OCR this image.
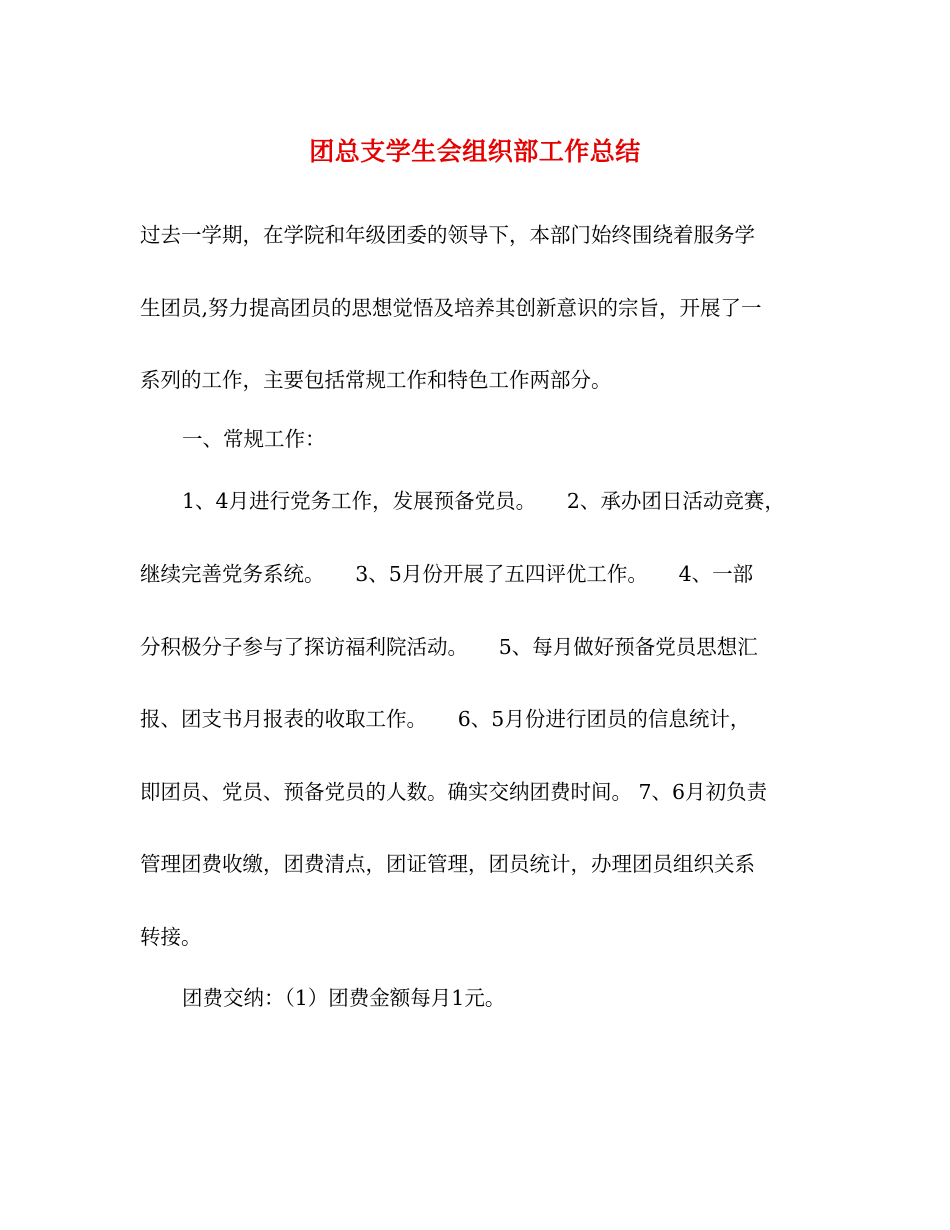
团总支学生会组织部工作总结
过去一学期，在学院和年级团委的领导下，本部门始终围绕着服务学
生团员,努力提高团员的思想觉悟及培养其创新意识的宗旨，开展了一
系列的工作，主要包括常规工作和特色工作两部分。
一、常规工作：
1、4月进行党务工作，发展预备党员。　　2、承办团日活动竞赛，
继续完善党务系统。　　3、5月份开展了五四评优工作。　　4、一部
分积极分子参与了探访福利院活动。　　5、每月做好预备党员思想汇
报、团支书月报表的收取工作。　　6、5月份进行团员的信息统计，
即团员、党员、预备党员的人数。确实交纳团费时间。 7、6月初负责
管理团费收缴，团费清点，团证管理，团员统计，办理团员组织关系
转接。
团费交纳：（1）团费金额每月1元。
